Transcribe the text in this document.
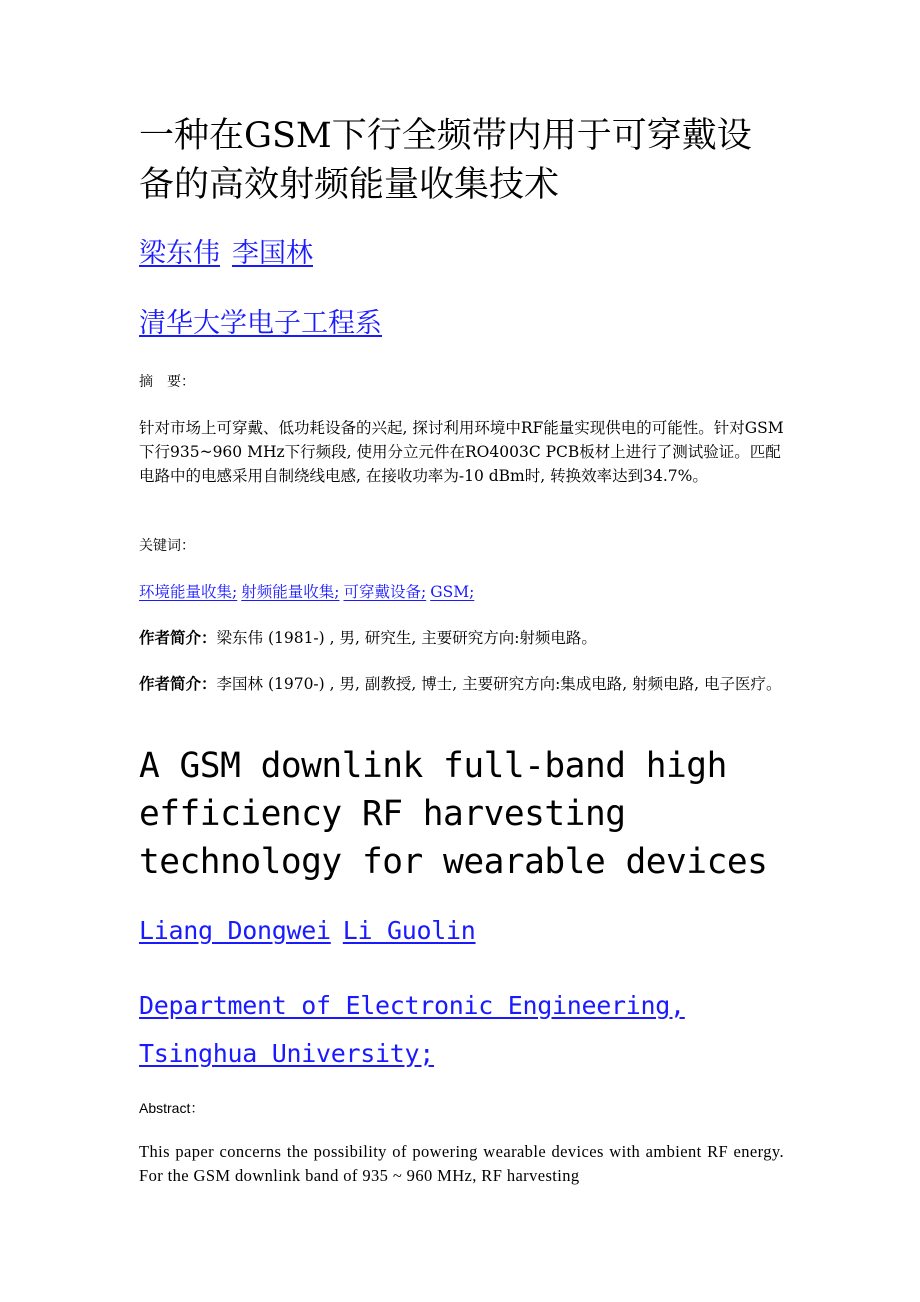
一种在GSM下行全频带内用于可穿戴设备的高效射频能量收集技术
梁东伟 李国林
清华大学电子工程系
摘　要：

针对市场上可穿戴、低功耗设备的兴起, 探讨利用环境中RF能量实现供电的可能性。针对GSM下行935~960 MHz下行频段, 使用分立元件在RO4003C PCB板材上进行了测试验证。匹配电路中的电感采用自制绕线电感, 在接收功率为-10 dBm时, 转换效率达到34.7%。

关键词：
环境能量收集; 射频能量收集; 可穿戴设备; GSM;

作者简介：梁东伟 (1981-) , 男, 研究生, 主要研究方向:射频电路。

作者简介：李国林 (1970-) , 男, 副教授, 博士, 主要研究方向:集成电路, 射频电路, 电子医疗。

A GSM downlink full-band high efficiency RF harvesting technology for wearable devices
Liang Dongwei Li Guolin
Department of Electronic Engineering, Tsinghua University;
Abstract：

This paper concerns the possibility of powering wearable devices with ambient RF energy. For the GSM downlink band of 935 ~ 960 MHz, RF harvesting
